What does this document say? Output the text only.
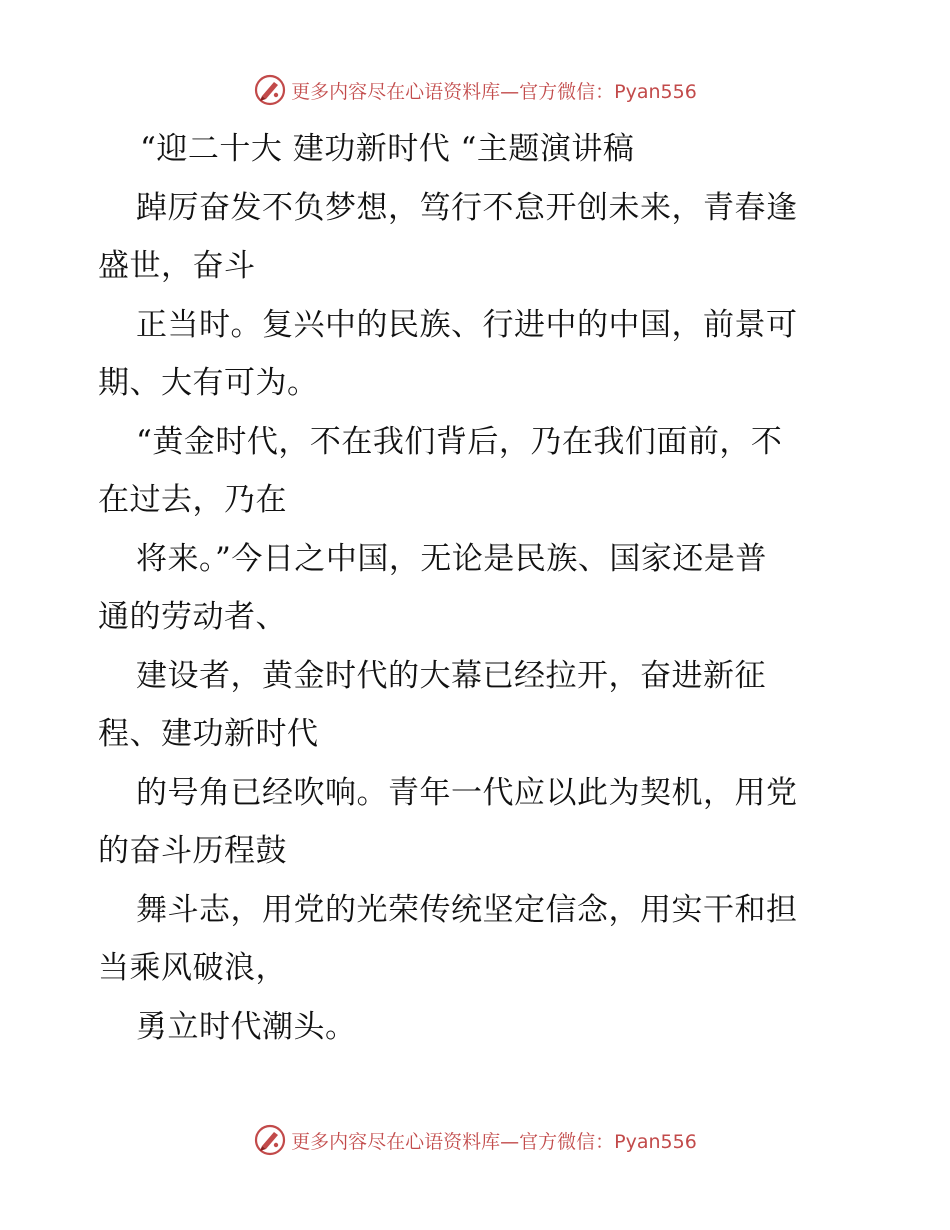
更多内容尽在心语资料库—官方微信：Pyan556
“迎二十大 建功新时代 “主题演讲稿
踔厉奋发不负梦想，笃行不怠开创未来，青春逢
盛世，奋斗
正当时。复兴中的民族、行进中的中国，前景可
期、大有可为。
“黄金时代，不在我们背后，乃在我们面前，不
在过去，乃在
将来。”今日之中国，无论是民族、国家还是普
通的劳动者、
建设者，黄金时代的大幕已经拉开，奋进新征
程、建功新时代
的号角已经吹响。青年一代应以此为契机，用党
的奋斗历程鼓
舞斗志，用党的光荣传统坚定信念，用实干和担
当乘风破浪，
勇立时代潮头。
更多内容尽在心语资料库—官方微信：Pyan556
